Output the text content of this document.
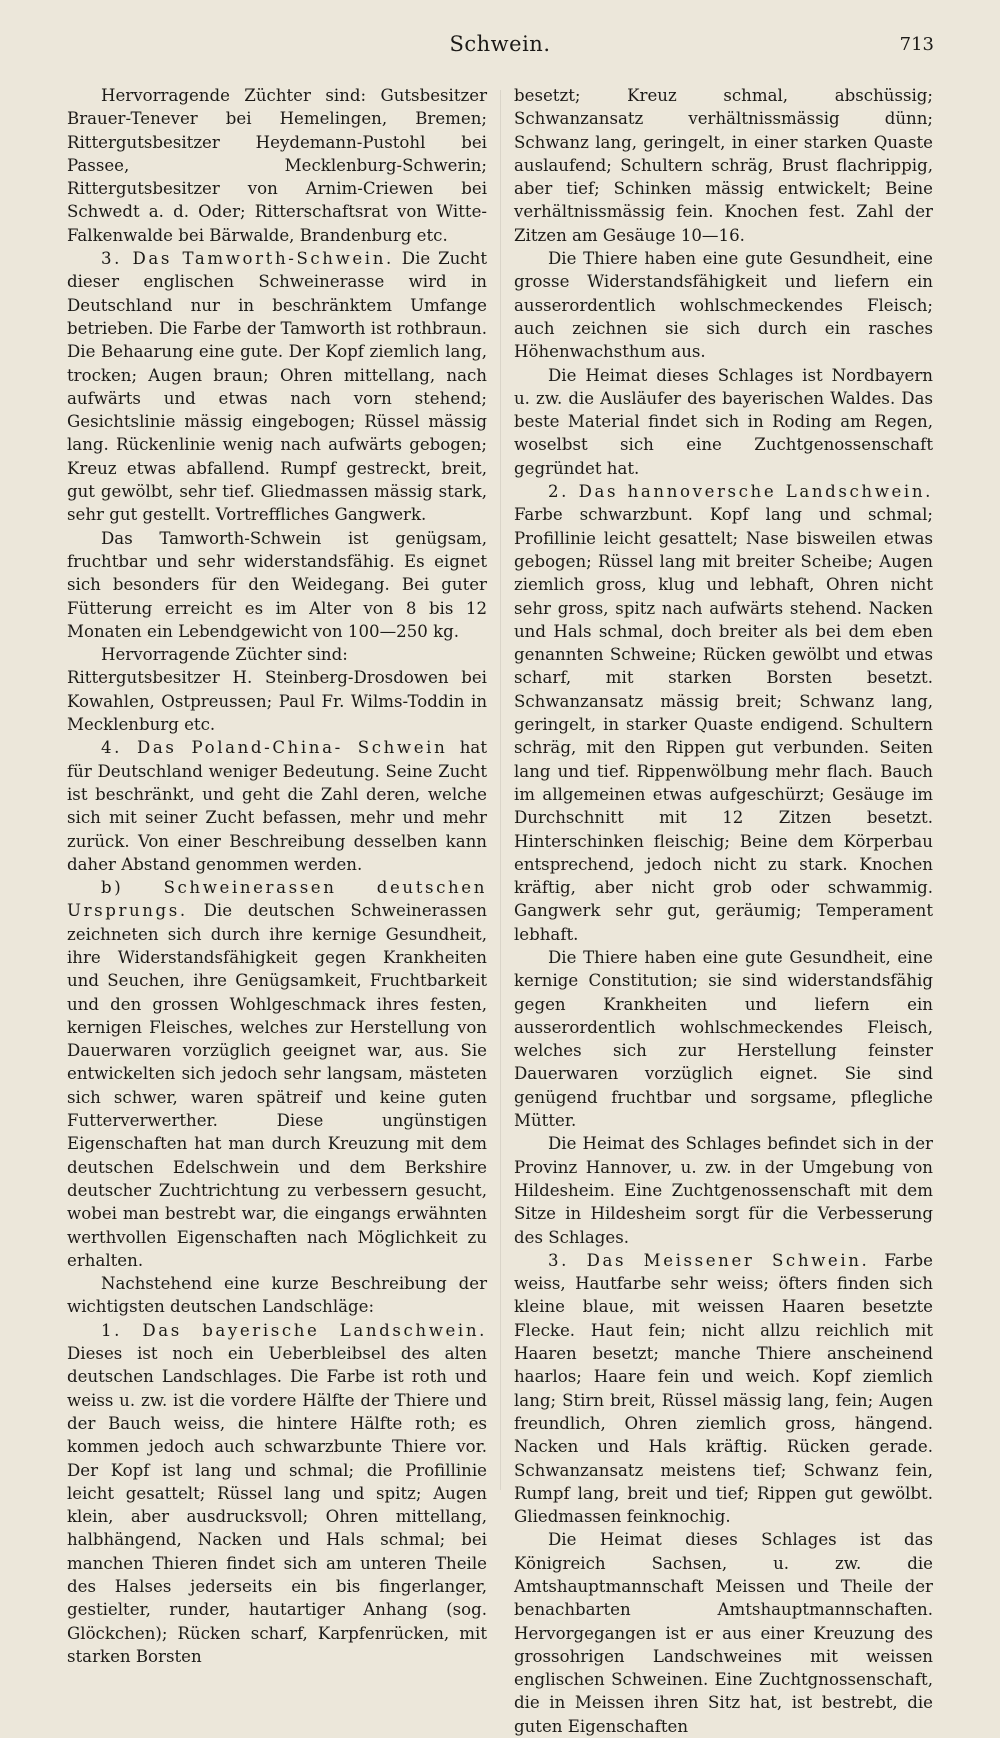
Schwein.	713

Hervorragende Züchter sind: Gutsbesitzer Brauer-Tenever bei Hemelingen, Bremen; Rittergutsbesitzer Heydemann-Pustohl bei Passee, Mecklenburg-Schwerin; Rittergutsbesitzer von Arnim-Criewen bei Schwedt a. d. Oder; Ritterschaftsrat von Witte-Falkenwalde bei Bärwalde, Brandenburg etc.

3. Das Tamworth-Schwein. Die Zucht dieser englischen Schweinerasse wird in Deutschland nur in beschränktem Umfange betrieben. Die Farbe der Tamworth ist rothbraun. Die Behaarung eine gute. Der Kopf ziemlich lang, trocken; Augen braun; Ohren mittellang, nach aufwärts und etwas nach vorn stehend; Gesichtslinie mässig eingebogen; Rüssel mässig lang. Rückenlinie wenig nach aufwärts gebogen; Kreuz etwas abfallend. Rumpf gestreckt, breit, gut gewölbt, sehr tief. Gliedmassen mässig stark, sehr gut gestellt. Vortreffliches Gangwerk.

Das Tamworth-Schwein ist genügsam, fruchtbar und sehr widerstandsfähig. Es eignet sich besonders für den Weidegang. Bei guter Fütterung erreicht es im Alter von 8 bis 12 Monaten ein Lebendgewicht von 100—250 kg.

Hervorragende Züchter sind:

Rittergutsbesitzer H. Steinberg-Drosdowen bei Kowahlen, Ostpreussen; Paul Fr. Wilms-Toddin in Mecklenburg etc.

4. Das Poland-China- Schwein hat für Deutschland weniger Bedeutung. Seine Zucht ist beschränkt, und geht die Zahl deren, welche sich mit seiner Zucht befassen, mehr und mehr zurück. Von einer Beschreibung desselben kann daher Abstand genommen werden.

b) Schweinerassen deutschen Ursprungs. Die deutschen Schweinerassen zeichneten sich durch ihre kernige Gesundheit, ihre Widerstandsfähigkeit gegen Krankheiten und Seuchen, ihre Genügsamkeit, Fruchtbarkeit und den grossen Wohlgeschmack ihres festen, kernigen Fleisches, welches zur Herstellung von Dauerwaren vorzüglich geeignet war, aus. Sie entwickelten sich jedoch sehr langsam, mästeten sich schwer, waren spätreif und keine guten Futterverwerther. Diese ungünstigen Eigenschaften hat man durch Kreuzung mit dem deutschen Edelschwein und dem Berkshire deutscher Zuchtrichtung zu verbessern gesucht, wobei man bestrebt war, die eingangs erwähnten werthvollen Eigenschaften nach Möglichkeit zu erhalten.

Nachstehend eine kurze Beschreibung der wichtigsten deutschen Landschläge:

1. Das bayerische Landschwein. Dieses ist noch ein Ueberbleibsel des alten deutschen Landschlages. Die Farbe ist roth und weiss u. zw. ist die vordere Hälfte der Thiere und der Bauch weiss, die hintere Hälfte roth; es kommen jedoch auch schwarzbunte Thiere vor. Der Kopf ist lang und schmal; die Profillinie leicht gesattelt; Rüssel lang und spitz; Augen klein, aber ausdrucksvoll; Ohren mittellang, halbhängend, Nacken und Hals schmal; bei manchen Thieren findet sich am unteren Theile des Halses jederseits ein bis fingerlanger, gestielter, runder, hautartiger Anhang (sog. Glöckchen); Rücken scharf, Karpfenrücken, mit starken Borsten

besetzt; Kreuz schmal, abschüssig; Schwanzansatz verhältnissmässig dünn; Schwanz lang, geringelt, in einer starken Quaste auslaufend; Schultern schräg, Brust flachrippig, aber tief; Schinken mässig entwickelt; Beine verhältnissmässig fein. Knochen fest. Zahl der Zitzen am Gesäuge 10—16.

Die Thiere haben eine gute Gesundheit, eine grosse Widerstandsfähigkeit und liefern ein ausserordentlich wohlschmeckendes Fleisch; auch zeichnen sie sich durch ein rasches Höhenwachsthum aus.

Die Heimat dieses Schlages ist Nordbayern u. zw. die Ausläufer des bayerischen Waldes. Das beste Material findet sich in Roding am Regen, woselbst sich eine Zuchtgenossenschaft gegründet hat.

2. Das hannoversche Landschwein. Farbe schwarzbunt. Kopf lang und schmal; Profillinie leicht gesattelt; Nase bisweilen etwas gebogen; Rüssel lang mit breiter Scheibe; Augen ziemlich gross, klug und lebhaft, Ohren nicht sehr gross, spitz nach aufwärts stehend. Nacken und Hals schmal, doch breiter als bei dem eben genannten Schweine; Rücken gewölbt und etwas scharf, mit starken Borsten besetzt. Schwanzansatz mässig breit; Schwanz lang, geringelt, in starker Quaste endigend. Schultern schräg, mit den Rippen gut verbunden. Seiten lang und tief. Rippenwölbung mehr flach. Bauch im allgemeinen etwas aufgeschürzt; Gesäuge im Durchschnitt mit 12 Zitzen besetzt. Hinterschinken fleischig; Beine dem Körperbau entsprechend, jedoch nicht zu stark. Knochen kräftig, aber nicht grob oder schwammig. Gangwerk sehr gut, geräumig; Temperament lebhaft.

Die Thiere haben eine gute Gesundheit, eine kernige Constitution; sie sind widerstandsfähig gegen Krankheiten und liefern ein ausserordentlich wohlschmeckendes Fleisch, welches sich zur Herstellung feinster Dauerwaren vorzüglich eignet. Sie sind genügend fruchtbar und sorgsame, pflegliche Mütter.

Die Heimat des Schlages befindet sich in der Provinz Hannover, u. zw. in der Umgebung von Hildesheim. Eine Zuchtgenossenschaft mit dem Sitze in Hildesheim sorgt für die Verbesserung des Schlages.

3. Das Meissener Schwein. Farbe weiss, Hautfarbe sehr weiss; öfters finden sich kleine blaue, mit weissen Haaren besetzte Flecke. Haut fein; nicht allzu reichlich mit Haaren besetzt; manche Thiere anscheinend haarlos; Haare fein und weich. Kopf ziemlich lang; Stirn breit, Rüssel mässig lang, fein; Augen freundlich, Ohren ziemlich gross, hängend. Nacken und Hals kräftig. Rücken gerade. Schwanzansatz meistens tief; Schwanz fein, Rumpf lang, breit und tief; Rippen gut gewölbt. Gliedmassen feinknochig.

Die Heimat dieses Schlages ist das Königreich Sachsen, u. zw. die Amtshauptmannschaft Meissen und Theile der benachbarten Amtshauptmannschaften. Hervorgegangen ist er aus einer Kreuzung des grossohrigen Landschweines mit weissen englischen Schweinen. Eine Zuchtgnossenschaft, die in Meissen ihren Sitz hat, ist bestrebt, die guten Eigenschaften
